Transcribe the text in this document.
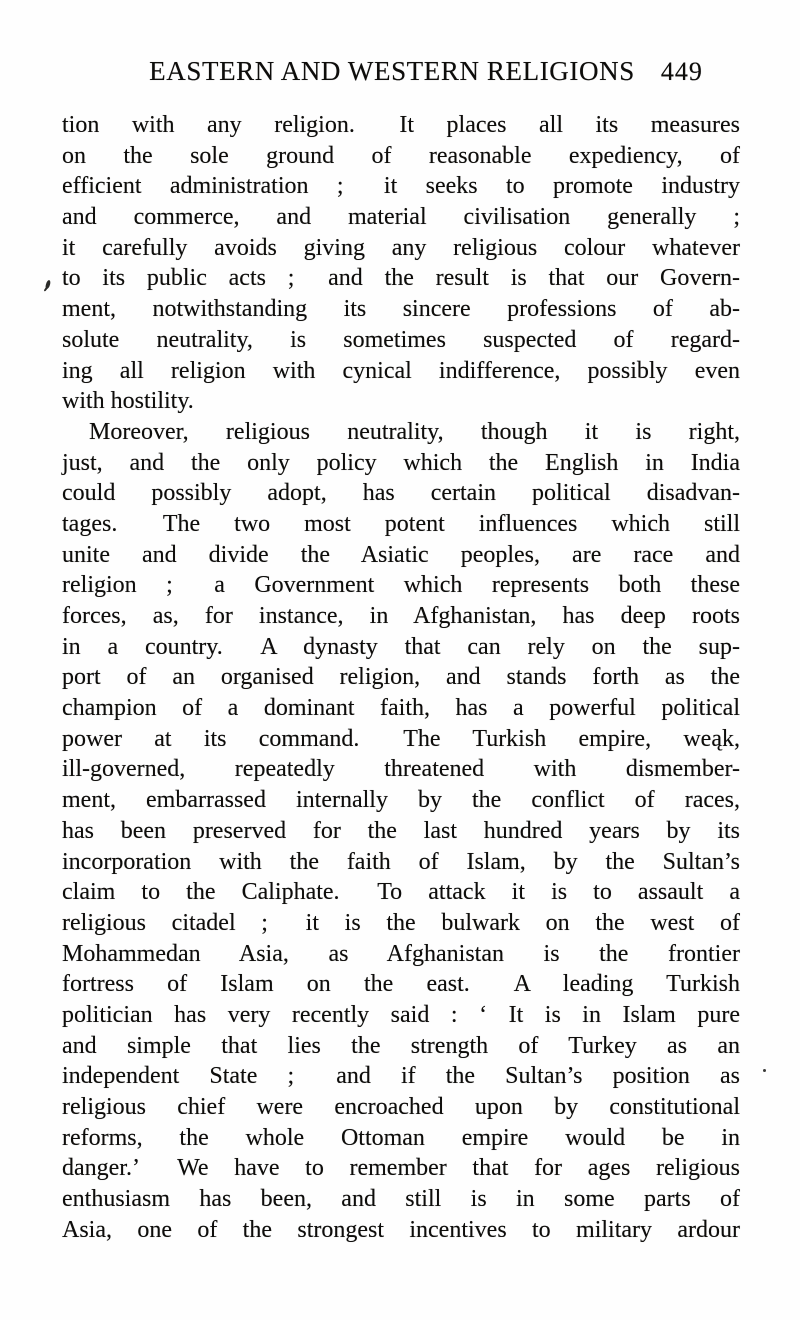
EASTERN AND WESTERN RELIGIONS 449
tion with any religion.  It places all its measures
on the sole ground of reasonable expediency, of
efficient administration ;  it seeks to promote industry
and commerce, and material civilisation generally ;
it carefully avoids giving any religious colour whatever
to its public acts ;  and the result is that our Govern-
ment, notwithstanding its sincere professions of ab-
solute neutrality, is sometimes suspected of regard-
ing all religion with cynical indifference, possibly even
with hostility.
Moreover, religious neutrality, though it is right,
just, and the only policy which the English in India
could possibly adopt, has certain political disadvan-
tages.  The two most potent influences which still
unite and divide the Asiatic peoples, are race and
religion ;  a Government which represents both these
forces, as, for instance, in Afghanistan, has deep roots
in a country.  A dynasty that can rely on the sup-
port of an organised religion, and stands forth as the
champion of a dominant faith, has a powerful political
power at its command.  The Turkish empire, weąk,
ill-governed, repeatedly threatened with dismember-
ment, embarrassed internally by the conflict of races,
has been preserved for the last hundred years by its
incorporation with the faith of Islam, by the Sultan’s
claim to the Caliphate.  To attack it is to assault a
religious citadel ;  it is the bulwark on the west of
Mohammedan Asia, as Afghanistan is the frontier
fortress of Islam on the east.  A leading Turkish
politician has very recently said : ‘ It is in Islam pure
and simple that lies the strength of Turkey as an
independent State ;  and if the Sultan’s position as
religious chief were encroached upon by constitutional
reforms, the whole Ottoman empire would be in
danger.’  We have to remember that for ages religious
enthusiasm has been, and still is in some parts of
Asia, one of the strongest incentives to military ardour
